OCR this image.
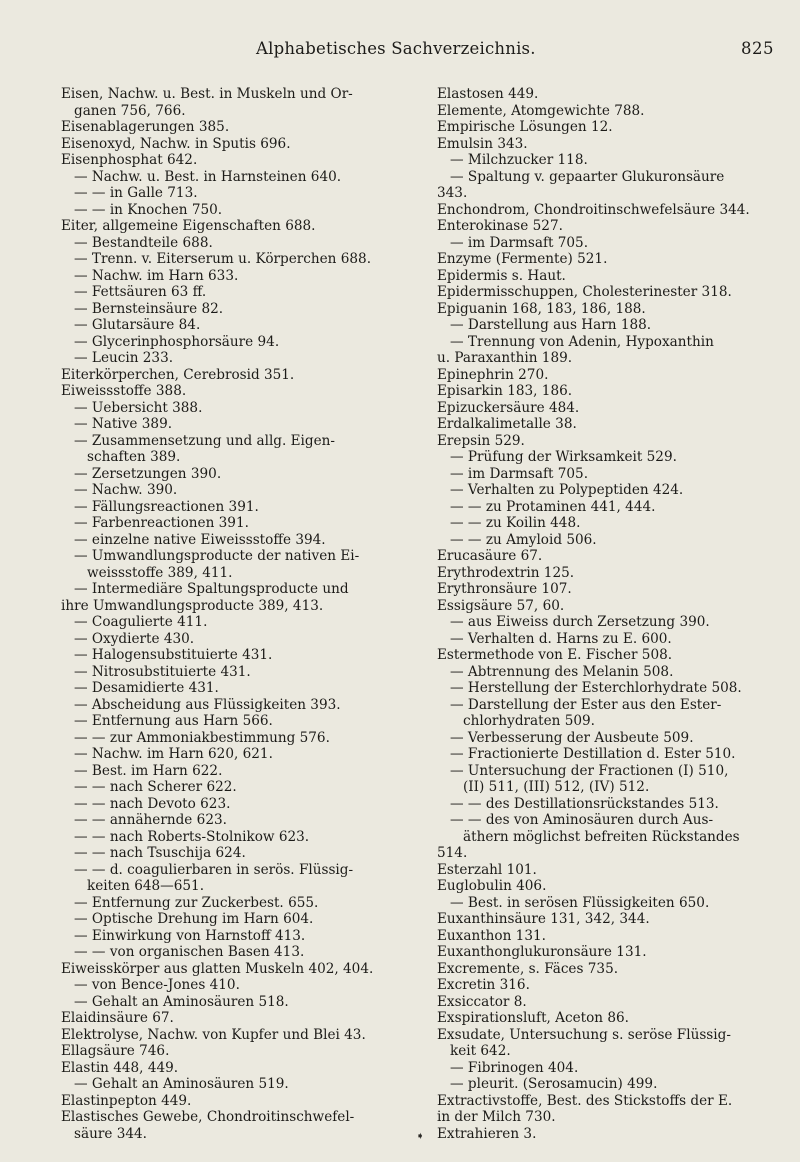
Alphabetisches Sachverzeichnis.	825
Eisen, Nachw. u. Best. in Muskeln und Or-
ganen 756, 766.
Eisenablagerungen 385.
Eisenoxyd, Nachw. in Sputis 696.
Eisenphosphat 642.
— Nachw. u. Best. in Harnsteinen 640.
— — in Galle 713.
— — in Knochen 750.
Eiter, allgemeine Eigenschaften 688.
— Bestandteile 688.
— Trenn. v. Eiterserum u. Körperchen 688.
— Nachw. im Harn 633.
— Fettsäuren 63 ff.
— Bernsteinsäure 82.
— Glutarsäure 84.
— Glycerinphosphorsäure 94.
— Leucin 233.
Eiterkörperchen, Cerebrosid 351.
Eiweissstoffe 388.
— Uebersicht 388.
— Native 389.
— Zusammensetzung und allg. Eigen-
schaften 389.
— Zersetzungen 390.
— Nachw. 390.
— Fällungsreactionen 391.
— Farbenreactionen 391.
— einzelne native Eiweissstoffe 394.
— Umwandlungsproducte der nativen Ei-
weissstoffe 389, 411.
— Intermediäre Spaltungsproducte und
ihre Umwandlungsproducte 389, 413.
— Coagulierte 411.
— Oxydierte 430.
— Halogensubstituierte 431.
— Nitrosubstituierte 431.
— Desamidierte 431.
— Abscheidung aus Flüssigkeiten 393.
— Entfernung aus Harn 566.
— — zur Ammoniakbestimmung 576.
— Nachw. im Harn 620, 621.
— Best. im Harn 622.
— — nach Scherer 622.
— — nach Devoto 623.
— — annähernde 623.
— — nach Roberts-Stolnikow 623.
— — nach Tsuschija 624.
— — d. coagulierbaren in serös. Flüssig-
keiten 648—651.
— Entfernung zur Zuckerbest. 655.
— Optische Drehung im Harn 604.
— Einwirkung von Harnstoff 413.
— — von organischen Basen 413.
Eiweisskörper aus glatten Muskeln 402, 404.
— von Bence-Jones 410.
— Gehalt an Aminosäuren 518.
Elaidinsäure 67.
Elektrolyse, Nachw. von Kupfer und Blei 43.
Ellagsäure 746.
Elastin 448, 449.
— Gehalt an Aminosäuren 519.
Elastinpepton 449.
Elastisches Gewebe, Chondroitinschwefel-
säure 344.
Elastosen 449.
Elemente, Atomgewichte 788.
Empirische Lösungen 12.
Emulsin 343.
— Milchzucker 118.
— Spaltung v. gepaarter Glukuronsäure
343.
Enchondrom, Chondroitinschwefelsäure 344.
Enterokinase 527.
— im Darmsaft 705.
Enzyme (Fermente) 521.
Epidermis s. Haut.
Epidermisschuppen, Cholesterinester 318.
Epiguanin 168, 183, 186, 188.
— Darstellung aus Harn 188.
— Trennung von Adenin, Hypoxanthin
u. Paraxanthin 189.
Epinephrin 270.
Episarkin 183, 186.
Epizuckersäure 484.
Erdalkalimetalle 38.
Erepsin 529.
— Prüfung der Wirksamkeit 529.
— im Darmsaft 705.
— Verhalten zu Polypeptiden 424.
— — zu Protaminen 441, 444.
— — zu Koilin 448.
— — zu Amyloid 506.
Erucasäure 67.
Erythrodextrin 125.
Erythronsäure 107.
Essigsäure 57, 60.
— aus Eiweiss durch Zersetzung 390.
— Verhalten d. Harns zu E. 600.
Estermethode von E. Fischer 508.
— Abtrennung des Melanin 508.
— Herstellung der Esterchlorhydrate 508.
— Darstellung der Ester aus den Ester-
chlorhydraten 509.
— Verbesserung der Ausbeute 509.
— Fractionierte Destillation d. Ester 510.
— Untersuchung der Fractionen (I) 510,
(II) 511, (III) 512, (IV) 512.
— — des Destillationsrückstandes 513.
— — des von Aminosäuren durch Aus-
äthern möglichst befreiten Rückstandes
514.
Esterzahl 101.
Euglobulin 406.
— Best. in serösen Flüssigkeiten 650.
Euxanthinsäure 131, 342, 344.
Euxanthon 131.
Euxanthonglukuronsäure 131.
Excremente, s. Fäces 735.
Excretin 316.
Exsiccator 8.
Exspirationsluft, Aceton 86.
Exsudate, Untersuchung s. seröse Flüssig-
keit 642.
— Fibrinogen 404.
— pleurit. (Serosamucin) 499.
Extractivstoffe, Best. des Stickstoffs der E.
in der Milch 730.
Extrahieren 3.
➧
